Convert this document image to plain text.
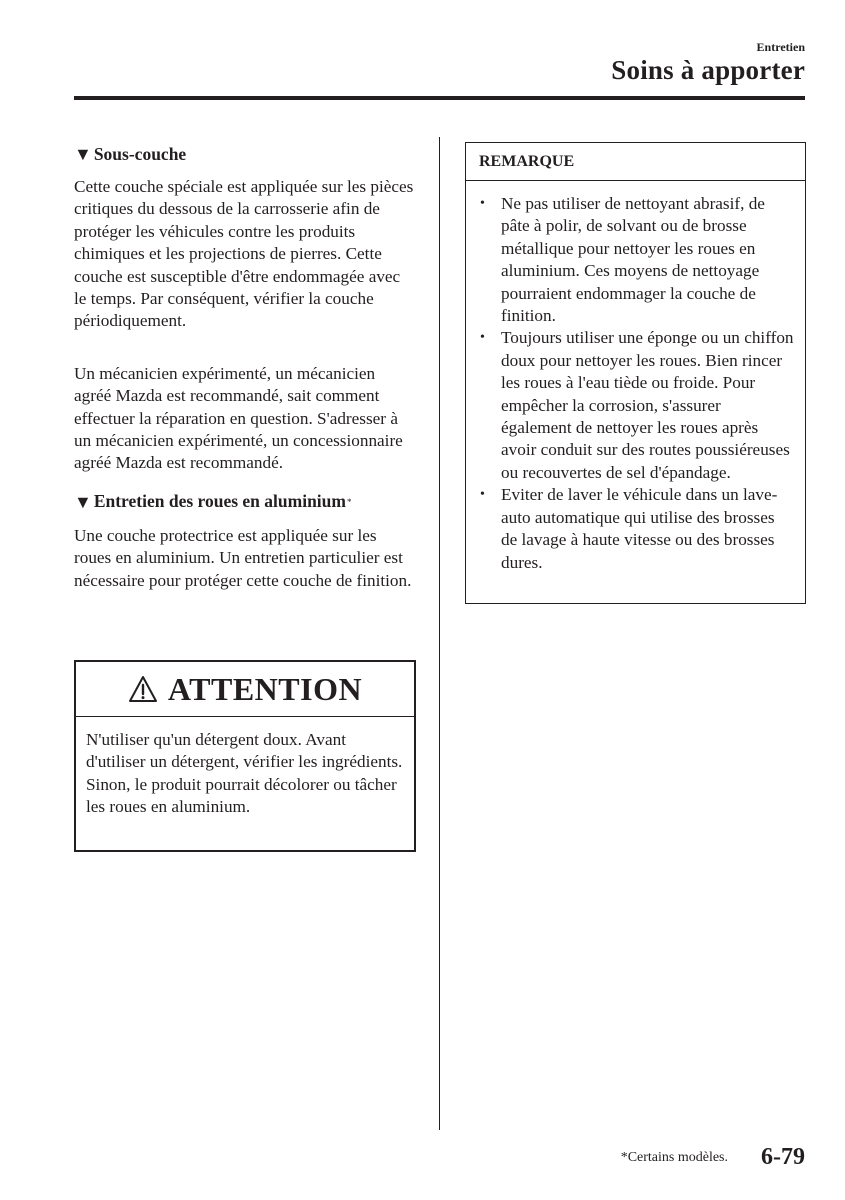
Entretien
Soins à apporter
▼ Sous-couche

Cette couche spéciale est appliquée sur les pièces critiques du dessous de la carrosserie afin de protéger les véhicules contre les produits chimiques et les projections de pierres. Cette couche est susceptible d'être endommagée avec le temps. Par conséquent, vérifier la couche périodiquement.

Un mécanicien expérimenté, un mécanicien agréé Mazda est recommandé, sait comment effectuer la réparation en question. S'adresser à un mécanicien expérimenté, un concessionnaire agréé Mazda est recommandé.

▼ Entretien des roues en aluminium *

Une couche protectrice est appliquée sur les roues en aluminium. Un entretien particulier est nécessaire pour protéger cette couche de finition.

ATTENTION
N'utiliser qu'un détergent doux. Avant d'utiliser un détergent, vérifier les ingrédients. Sinon, le produit pourrait décolorer ou tâcher les roues en aluminium.
REMARQUE
• Ne pas utiliser de nettoyant abrasif, de pâte à polir, de solvant ou de brosse métallique pour nettoyer les roues en aluminium. Ces moyens de nettoyage pourraient endommager la couche de finition.
• Toujours utiliser une éponge ou un chiffon doux pour nettoyer les roues. Bien rincer les roues à l'eau tiède ou froide. Pour empêcher la corrosion, s'assurer également de nettoyer les roues après avoir conduit sur des routes poussiéreuses ou recouvertes de sel d'épandage.
• Eviter de laver le véhicule dans un lave-auto automatique qui utilise des brosses de lavage à haute vitesse ou des brosses dures.
*Certains modèles. 6-79
